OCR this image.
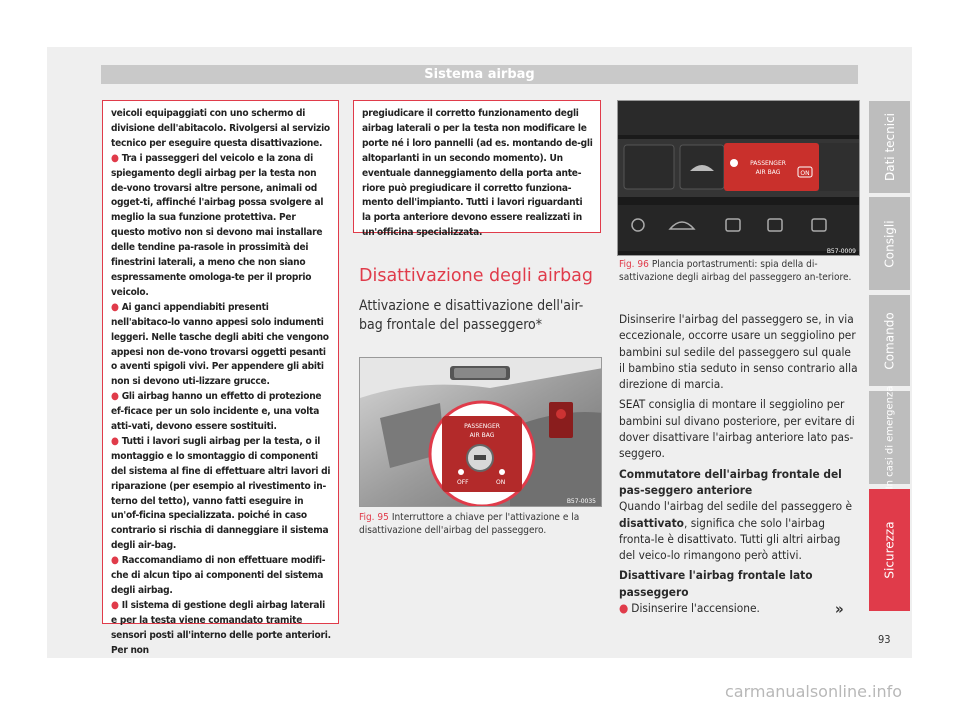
Sistema airbag

veicoli equipaggiati con uno schermo di divisione dell'abitacolo. Rivolgersi al servizio tecnico per eseguire questa disattivazione.

● Tra i passeggeri del veicolo e la zona di spiegamento degli airbag per la testa non de-vono trovarsi altre persone, animali od ogget-ti, affinché l'airbag possa svolgere al meglio la sua funzione protettiva. Per questo motivo non si devono mai installare delle tendine pa-rasole in prossimità dei finestrini laterali, a meno che non siano espressamente omologa-te per il proprio veicolo.

● Ai ganci appendiabiti presenti nell'abitaco-lo vanno appesi solo indumenti leggeri. Nelle tasche degli abiti che vengono appesi non de-vono trovarsi oggetti pesanti o aventi spigoli vivi. Per appendere gli abiti non si devono uti-lizzare grucce.

● Gli airbag hanno un effetto di protezione ef-ficace per un solo incidente e, una volta atti-vati, devono essere sostituiti.

● Tutti i lavori sugli airbag per la testa, o il montaggio e lo smontaggio di componenti del sistema al fine di effettuare altri lavori di riparazione (per esempio al rivestimento in-terno del tetto), vanno fatti eseguire in un'of-ficina specializzata. poiché in caso contrario si rischia di danneggiare il sistema degli air-bag.

● Raccomandiamo di non effettuare modifi-che di alcun tipo ai componenti del sistema degli airbag.

● Il sistema di gestione degli airbag laterali e per la testa viene comandato tramite sensori posti all'interno delle porte anteriori. Per non

pregiudicare il corretto funzionamento degli airbag laterali o per la testa non modificare le porte né i loro pannelli (ad es. montando de-gli altoparlanti in un secondo momento). Un eventuale danneggiamento della porta ante-riore può pregiudicare il corretto funziona-mento dell'impianto. Tutti i lavori riguardanti la porta anteriore devono essere realizzati in un'officina specializzata.
Disattivazione degli airbag
Attivazione e disattivazione dell'air-bag frontale del passeggero*
PASSENGER
AIR BAG
OFF	ON
B57-0035
Fig. 95 Interruttore a chiave per l'attivazione e la disattivazione dell'airbag del passeggero.
PASSENGER
AIR BAG	ON
B57-0009
Fig. 96 Plancia portastrumenti: spia della di-sattivazione degli airbag del passeggero an-teriore.

Disinserire l'airbag del passeggero se, in via eccezionale, occorre usare un seggiolino per bambini sul sedile del passeggero sul quale il bambino stia seduto in senso contrario alla direzione di marcia.

SEAT consiglia di montare il seggiolino per bambini sul divano posteriore, per evitare di dover disattivare l'airbag anteriore lato pas-seggero.

Commutatore dell'airbag frontale del pas-seggero anteriore

Quando l'airbag del sedile del passeggero è disattivato, significa che solo l'airbag fronta-le è disattivato. Tutti gli altri airbag del veico-lo rimangono però attivi.

Disattivare l'airbag frontale lato passeggero

● Disinserire l'accensione.	»
Dati tecnici
Consigli
Comando
In casi di emergenza
Sicurezza
93
carmanualsonline.info
